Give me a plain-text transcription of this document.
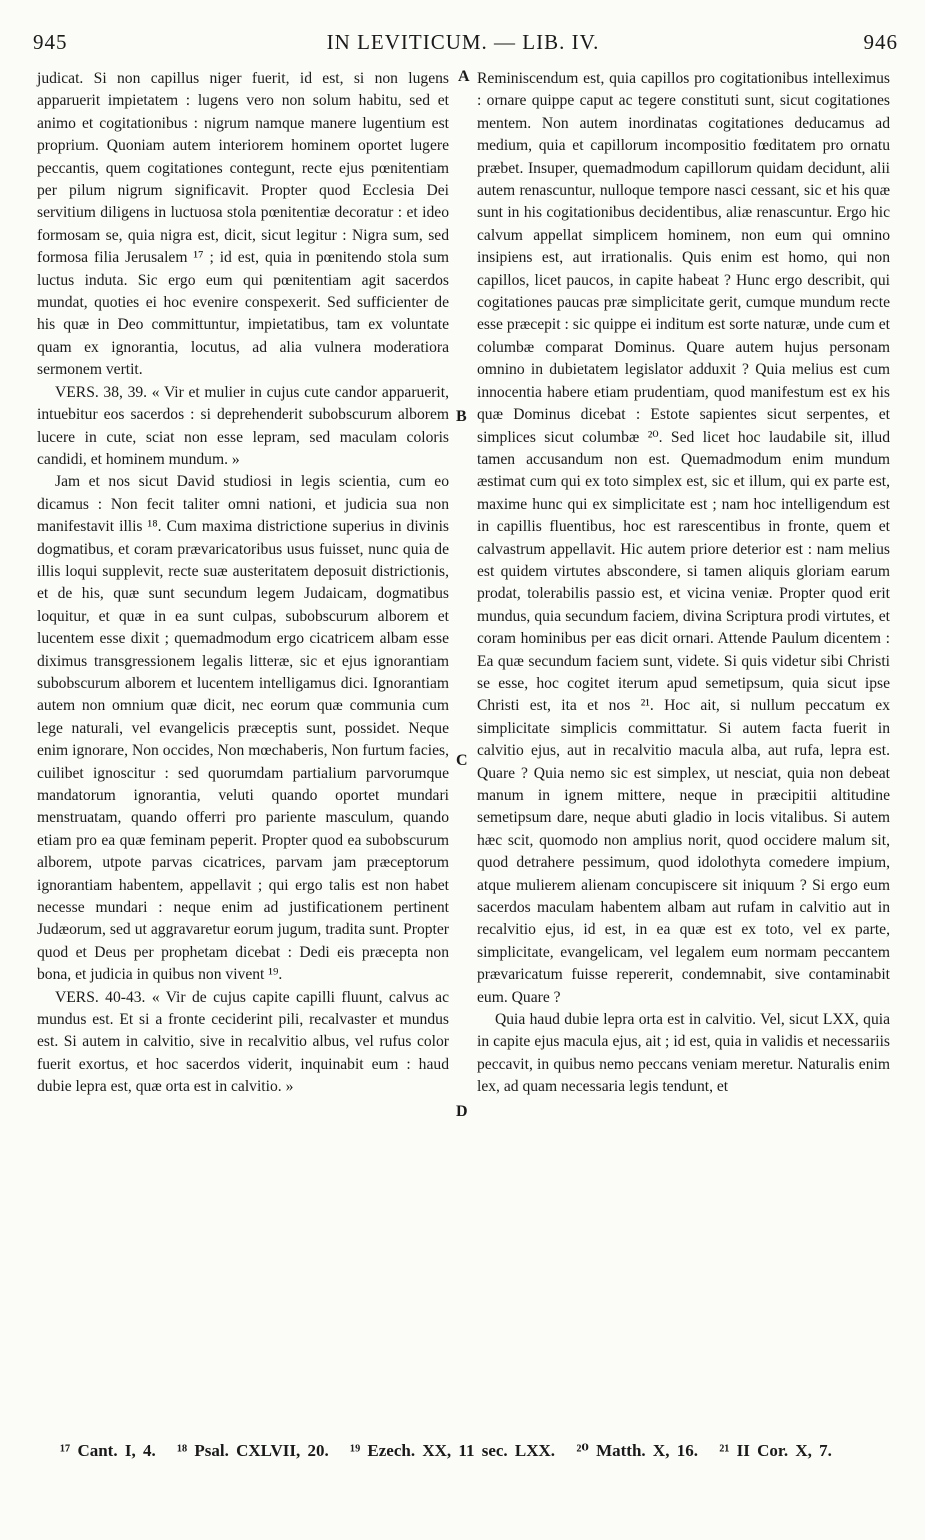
945	IN LEVITICUM. — LIB. IV.	946

judicat. Si non capillus niger fuerit, id est, si non lugens apparuerit impietatem : lugens vero non solum habitu, sed et animo et cogitationibus : nigrum namque manere lugentium est proprium. Quoniam autem interiorem hominem oportet lugere peccantis, quem cogitationes contegunt, recte ejus pœnitentiam per pilum nigrum significavit. Propter quod Ecclesia Dei servitium diligens in luctuosa stola pœnitentiæ decoratur : et ideo formosam se, quia nigra est, dicit, sicut legitur : Nigra sum, sed formosa filia Jerusalem ¹⁷ ; id est, quia in pœnitendo stola sum luctus induta. Sic ergo eum qui pœnitentiam agit sacerdos mundat, quoties ei hoc evenire conspexerit. Sed sufficienter de his quæ in Deo committuntur, impietatibus, tam ex voluntate quam ex ignorantia, locutus, ad alia vulnera moderatiora sermonem vertit.

VERS. 38, 39. « Vir et mulier in cujus cute candor apparuerit, intuebitur eos sacerdos : si deprehenderit subobscurum alborem lucere in cute, sciat non esse lepram, sed maculam coloris candidi, et hominem mundum. »

Jam et nos sicut David studiosi in legis scientia, cum eo dicamus : Non fecit taliter omni nationi, et judicia sua non manifestavit illis ¹⁸. Cum maxima districtione superius in divinis dogmatibus, et coram prævaricatoribus usus fuisset, nunc quia de illis loqui supplevit, recte suæ austeritatem deposuit districtionis, et de his, quæ sunt secundum legem Judaicam, dogmatibus loquitur, et quæ in ea sunt culpas, subobscurum alborem et lucentem esse dixit ; quemadmodum ergo cicatricem albam esse diximus transgressionem legalis litteræ, sic et ejus ignorantiam subobscurum alborem et lucentem intelligamus dici. Ignorantiam autem non omnium quæ dicit, nec eorum quæ communia cum lege naturali, vel evangelicis præceptis sunt, possidet. Neque enim ignorare, Non occides, Non mœchaberis, Non furtum facies, cuilibet ignoscitur : sed quorumdam partialium parvorumque mandatorum ignorantia, veluti quando oportet mundari menstruatam, quando offerri pro pariente masculum, quando etiam pro ea quæ feminam peperit. Propter quod ea subobscurum alborem, utpote parvas cicatrices, parvam jam præceptorum ignorantiam habentem, appellavit ; qui ergo talis est non habet necesse mundari : neque enim ad justificationem pertinent Judæorum, sed ut aggravaretur eorum jugum, tradita sunt. Propter quod et Deus per prophetam dicebat : Dedi eis præcepta non bona, et judicia in quibus non vivent ¹⁹.

VERS. 40-43. « Vir de cujus capite capilli fluunt, calvus ac mundus est. Et si a fronte ceciderint pili, recalvaster et mundus est. Si autem in calvitio, sive in recalvitio albus, vel rufus color fuerit exortus, et hoc sacerdos viderit, inquinabit eum : haud dubie lepra est, quæ orta est in calvitio. »

Reminiscendum est, quia capillos pro cogitationibus intelleximus : ornare quippe caput ac tegere constituti sunt, sicut cogitationes mentem. Non autem inordinatas cogitationes deducamus ad medium, quia et capillorum incompositio fœditatem pro ornatu præbet. Insuper, quemadmodum capillorum quidam decidunt, alii autem renascuntur, nulloque tempore nasci cessant, sic et his quæ sunt in his cogitationibus decidentibus, aliæ renascuntur. Ergo hic calvum appellat simplicem hominem, non eum qui omnino insipiens est, aut irrationalis. Quis enim est homo, qui non capillos, licet paucos, in capite habeat ? Hunc ergo describit, qui cogitationes paucas præ simplicitate gerit, cumque mundum recte esse præcepit : sic quippe ei inditum est sorte naturæ, unde cum et columbæ comparat Dominus. Quare autem hujus personam omnino in dubietatem legislator adduxit ? Quia melius est cum innocentia habere etiam prudentiam, quod manifestum est ex his quæ Dominus dicebat : Estote sapientes sicut serpentes, et simplices sicut columbæ ²⁰. Sed licet hoc laudabile sit, illud tamen accusandum non est. Quemadmodum enim mundum æstimat cum qui ex toto simplex est, sic et illum, qui ex parte est, maxime hunc qui ex simplicitate est ; nam hoc intelligendum est in capillis fluentibus, hoc est rarescentibus in fronte, quem et calvastrum appellavit. Hic autem priore deterior est : nam melius est quidem virtutes abscondere, si tamen aliquis gloriam earum prodat, tolerabilis passio est, et vicina veniæ. Propter quod erit mundus, quia secundum faciem, divina Scriptura prodi virtutes, et coram hominibus per eas dicit ornari. Attende Paulum dicentem : Ea quæ secundum faciem sunt, videte. Si quis videtur sibi Christi se esse, hoc cogitet iterum apud semetipsum, quia sicut ipse Christi est, ita et nos ²¹. Hoc ait, si nullum peccatum ex simplicitate simplicis committatur. Si autem facta fuerit in calvitio ejus, aut in recalvitio macula alba, aut rufa, lepra est. Quare ? Quia nemo sic est simplex, ut nesciat, quia non debeat manum in ignem mittere, neque in præcipitii altitudine semetipsum dare, neque abuti gladio in locis vitalibus. Si autem hæc scit, quomodo non amplius norit, quod occidere malum sit, quod detrahere pessimum, quod idolothyta comedere impium, atque mulierem alienam concupiscere sit iniquum ? Si ergo eum sacerdos maculam habentem albam aut rufam in calvitio aut in recalvitio ejus, id est, in ea quæ est ex toto, vel ex parte, simplicitate, evangelicam, vel legalem eum normam peccantem prævaricatum fuisse repererit, condemnabit, sive contaminabit eum. Quare ?

Quia haud dubie lepra orta est in calvitio. Vel, sicut LXX, quia in capite ejus macula ejus, ait ; id est, quia in validis et necessariis peccavit, in quibus nemo peccans veniam meretur. Naturalis enim lex, ad quam necessaria legis tendunt, et

A
B
C
D
¹⁷ Cant. I, 4. ¹⁸ Psal. CXLVII, 20. ¹⁹ Ezech. XX, 11 sec. LXX. ²⁰ Matth. X, 16. ²¹ II Cor. X, 7.
